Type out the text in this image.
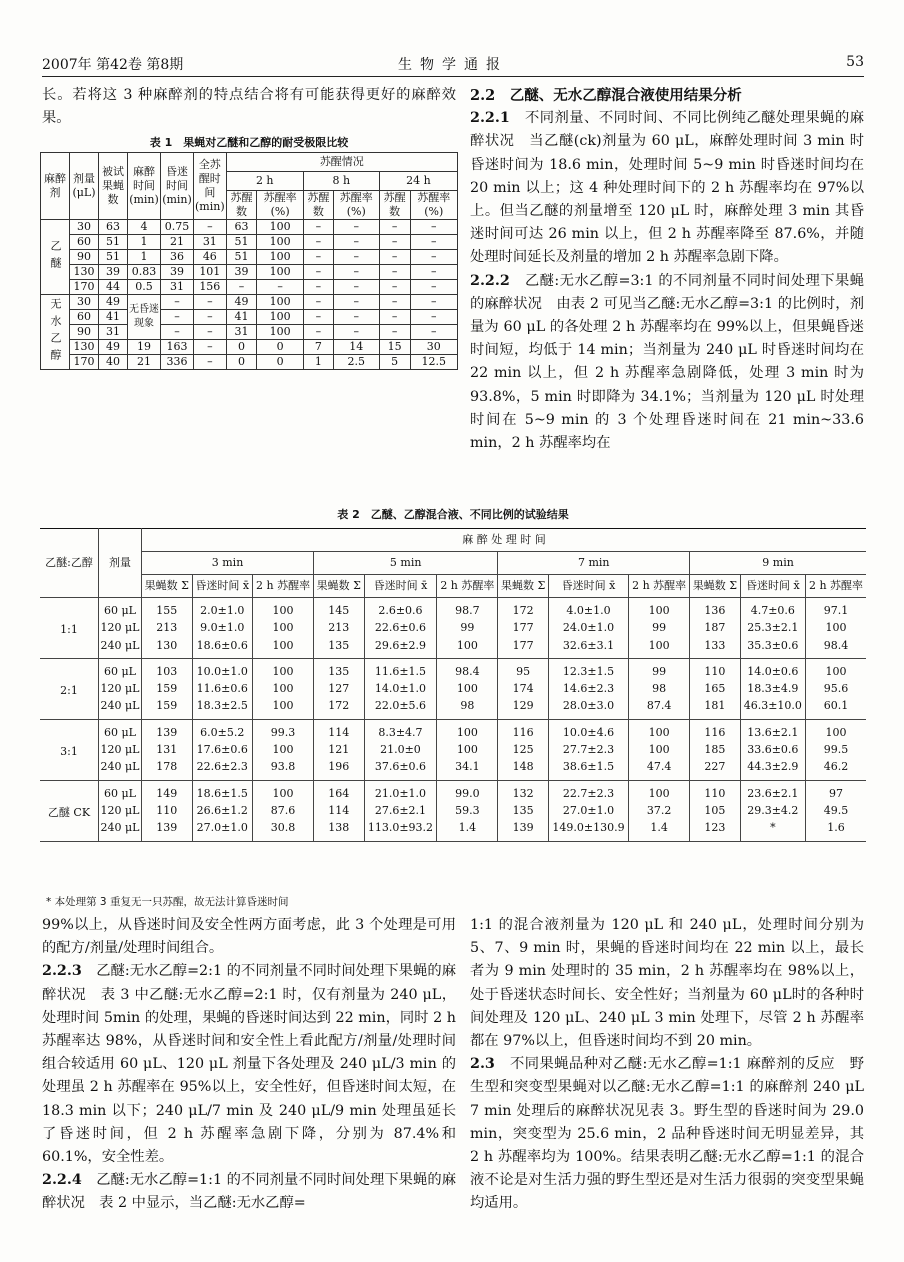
2007年 第42卷 第8期	生物学通报	53

长。若将这 3 种麻醉剂的特点结合将有可能获得更好的麻醉效果。

表 1　果蝇对乙醚和乙醇的耐受极限比较
麻醉剂	剂量(μL)	被试果蝇数	麻醉时间(min)	昏迷时间(min)	全苏醒时间(min)	苏醒情况					
						2 h		8 h		24 h	
						苏醒数	苏醒率(%)	苏醒数	苏醒率(%)	苏醒数	苏醒率(%)
乙醚	30	63	4	0.75	–	63	100	–	–	–	–
	60	51	1	21	31	51	100	–	–	–	–
	90	51	1	36	46	51	100	–	–	–	–
	130	39	0.83	39	101	39	100	–	–	–	–
	170	44	0.5	31	156	–	–	–	–	–	–
无水乙醇	30	49	无昏迷现象	–	–	49	100	–	–	–	–
	60	41		–	–	41	100	–	–	–	–
	90	31		–	–	31	100	–	–	–	–
	130	49	19	163	–	0	0	7	14	15	30
	170	40	21	336	–	0	0	1	2.5	5	12.5
2.2　乙醚、无水乙醇混合液使用结果分析

2.2.1　不同剂量、不同时间、不同比例纯乙醚处理果蝇的麻醉状况　当乙醚(ck)剂量为 60 μL，麻醉处理时间 3 min 时昏迷时间为 18.6 min，处理时间 5~9 min 时昏迷时间均在 20 min 以上；这 4 种处理时间下的 2 h 苏醒率均在 97%以上。但当乙醚的剂量增至 120 μL 时，麻醉处理 3 min 其昏迷时间可达 26 min 以上，但 2 h 苏醒率降至 87.6%，并随处理时间延长及剂量的增加 2 h 苏醒率急剧下降。

2.2.2　乙醚:无水乙醇=3:1 的不同剂量不同时间处理下果蝇的麻醉状况　由表 2 可见当乙醚:无水乙醇=3:1 的比例时，剂量为 60 μL 的各处理 2 h 苏醒率均在 99%以上，但果蝇昏迷时间短，均低于 14 min；当剂量为 240 μL 时昏迷时间均在 22 min 以上，但 2 h 苏醒率急剧降低，处理 3 min 时为 93.8%，5 min 时即降为 34.1%；当剂量为 120 μL 时处理时间在 5~9 min 的 3 个处理昏迷时间在 21 min~33.6 min，2 h 苏醒率均在

表 2　乙醚、乙醇混合液、不同比例的试验结果
乙醚:乙醇	剂量	麻 醉 处 理 时 间											
		3 min			5 min			7 min			9 min		
		果蝇数 Σ	昏迷时间 x̄	2 h 苏醒率	果蝇数 Σ	昏迷时间 x̄	2 h 苏醒率	果蝇数 Σ	昏迷时间 x̄	2 h 苏醒率	果蝇数 Σ	昏迷时间 x̄	2 h 苏醒率
1:1	60 μL	155	2.0±1.0	100	145	2.6±0.6	98.7	172	4.0±1.0	100	136	4.7±0.6	97.1
	120 μL	213	9.0±1.0	100	213	22.6±0.6	99	177	24.0±1.0	99	187	25.3±2.1	100
	240 μL	130	18.6±0.6	100	135	29.6±2.9	100	177	32.6±3.1	100	133	35.3±0.6	98.4
2:1	60 μL	103	10.0±1.0	100	135	11.6±1.5	98.4	95	12.3±1.5	99	110	14.0±0.6	100
	120 μL	159	11.6±0.6	100	127	14.0±1.0	100	174	14.6±2.3	98	165	18.3±4.9	95.6
	240 μL	159	18.3±2.5	100	172	22.0±5.6	98	129	28.0±3.0	87.4	181	46.3±10.0	60.1
3:1	60 μL	139	6.0±5.2	99.3	114	8.3±4.7	100	116	10.0±4.6	100	116	13.6±2.1	100
	120 μL	131	17.6±0.6	100	121	21.0±0	100	125	27.7±2.3	100	185	33.6±0.6	99.5
	240 μL	178	22.6±2.3	93.8	196	37.6±0.6	34.1	148	38.6±1.5	47.4	227	44.3±2.9	46.2
乙醚 CK	60 μL	149	18.6±1.5	100	164	21.0±1.0	99.0	132	22.7±2.3	100	110	23.6±2.1	97
	120 μL	110	26.6±1.2	87.6	114	27.6±2.1	59.3	135	27.0±1.0	37.2	105	29.3±4.2	49.5
	240 μL	139	27.0±1.0	30.8	138	113.0±93.2	1.4	139	149.0±130.9	1.4	123	*	1.6
* 本处理第 3 重复无一只苏醒，故无法计算昏迷时间

99%以上，从昏迷时间及安全性两方面考虑，此 3 个处理是可用的配方/剂量/处理时间组合。

2.2.3　乙醚:无水乙醇=2:1 的不同剂量不同时间处理下果蝇的麻醉状况　表 3 中乙醚:无水乙醇=2:1 时，仅有剂量为 240 μL，处理时间 5min 的处理，果蝇的昏迷时间达到 22 min，同时 2 h 苏醒率达 98%，从昏迷时间和安全性上看此配方/剂量/处理时间组合较适用 60 μL、120 μL 剂量下各处理及 240 μL/3 min 的处理虽 2 h 苏醒率在 95%以上，安全性好，但昏迷时间太短，在 18.3 min 以下；240 μL/7 min 及 240 μL/9 min 处理虽延长了昏迷时间，但 2 h 苏醒率急剧下降，分别为 87.4%和 60.1%，安全性差。

2.2.4　乙醚:无水乙醇=1:1 的不同剂量不同时间处理下果蝇的麻醉状况　表 2 中显示，当乙醚:无水乙醇=

1:1 的混合液剂量为 120 μL 和 240 μL，处理时间分别为 5、7、9 min 时，果蝇的昏迷时间均在 22 min 以上，最长者为 9 min 处理时的 35 min，2 h 苏醒率均在 98%以上，处于昏迷状态时间长、安全性好；当剂量为 60 μL时的各种时间处理及 120 μL、240 μL 3 min 处理下，尽管 2 h 苏醒率都在 97%以上，但昏迷时间均不到 20 min。

2.3　不同果蝇品种对乙醚:无水乙醇=1:1 麻醉剂的反应　野生型和突变型果蝇对以乙醚:无水乙醇=1:1 的麻醉剂 240 μL 7 min 处理后的麻醉状况见表 3。野生型的昏迷时间为 29.0 min，突变型为 25.6 min，2 品种昏迷时间无明显差异，其 2 h 苏醒率均为 100%。结果表明乙醚:无水乙醇=1:1 的混合液不论是对生活力强的野生型还是对生活力很弱的突变型果蝇均适用。
